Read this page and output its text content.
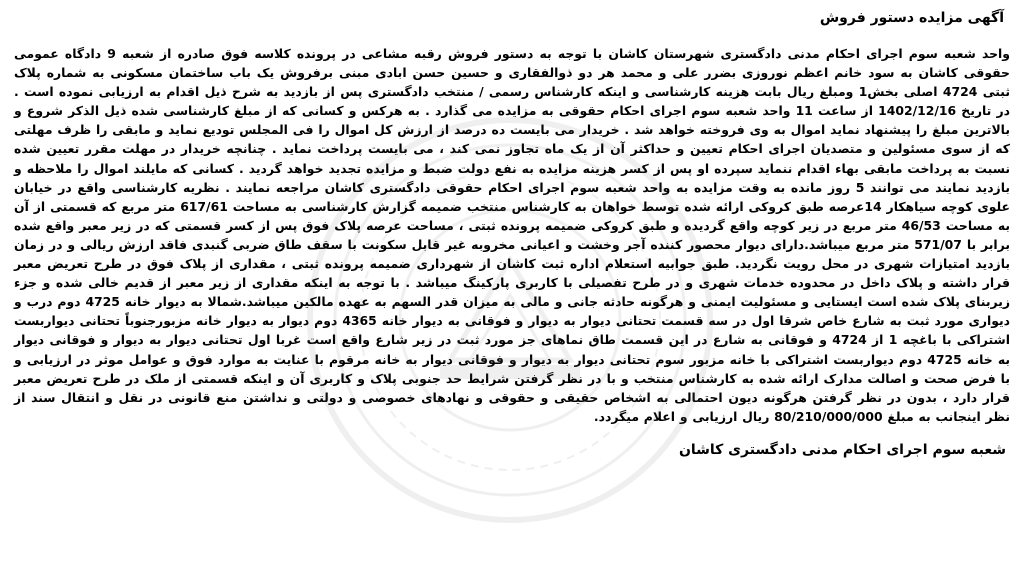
آگهی مزایده دستور فروش

واحد شعبه سوم اجرای احکام مدنی دادگستری شهرستان کاشان با توجه به دستور فروش رقبه مشاعی در پرونده کلاسه فوق صادره از شعبه 9 دادگاه عمومی حقوقی کاشان به سود خانم اعظم نوروزی بضرر علی و محمد هر دو ذوالفقاری و حسین حسن ابادی مبنی برفروش یک باب ساختمان مسکونی به شماره پلاک ثبتی 4724 اصلی بخش1 ومبلغ ریال بابت هزینه کارشناسی و اینکه کارشناس رسمی / منتخب دادگستری پس از بازدید به شرح ذیل اقدام به ارزیابی نموده است . در تاریخ 1402/12/16 از ساعت 11 واحد شعبه سوم اجرای احکام حقوقی به مزایده می گذارد . به هرکس و کسانی که از مبلغ کارشناسی شده ذیل الذکر شروع و بالاترین مبلغ را پیشنهاد نماید اموال به وی فروخته خواهد شد . خریدار می بایست ده درصد از ارزش کل اموال را فی المجلس تودیع نماید و مابقی را ظرف مهلتی که از سوی مسئولین و متصدیان اجرای احکام تعیین و حداکثر آن از یک ماه تجاوز نمی کند ، می بایست پرداخت نماید . چنانچه خریدار در مهلت مقرر تعیین شده نسبت به پرداخت مابقی بهاء اقدام ننماید سپرده او پس از کسر هزینه مزایده به نفع دولت ضبط و مزایده تجدید خواهد گردید . کسانی که مایلند اموال را ملاحظه و بازدید نمایند می توانند 5 روز مانده به وقت مزایده به واحد شعبه سوم اجرای احکام حقوقی دادگستری کاشان مراجعه نمایند . نظریه کارشناسی واقع در خیابان علوی کوچه سیاهکار 14عرصه طبق کروکی ارائه شده توسط خواهان به کارشناس منتخب ضمیمه گزارش کارشناسی به مساحت 617/61 متر مربع که قسمتی از آن به مساحت 46/53 متر مربع در زیر کوچه واقع گردیده و طبق کروکی ضمیمه پرونده ثبتی ، مساحت عرصه پلاک فوق پس از کسر قسمتی که در زیر معبر واقع شده برابر با 571/07 متر مربع میباشد.دارای دیوار محصور کننده آجر وخشت و اعیانی مخروبه غیر قابل سکونت با سقف طاق ضربی گنبدی فاقد ارزش ریالی و در زمان بازدید امتیازات شهری در محل رویت نگردید. طبق جوابیه استعلام اداره ثبت کاشان از شهرداری ضمیمه پرونده ثبتی ، مقداری از پلاک فوق در طرح تعریض معبر قرار داشته و پلاک داخل در محدوده خدمات شهری و در طرح تفصیلی با کاربری پارکینگ میباشد . با توجه به اینکه مقداری از زیر معبر از قدیم خالی شده و جزء زیربنای پلاک شده است ایستایی و مسئولیت ایمنی و هرگونه حادثه جانی و مالی به میزان قدر السهم به عهده مالکین میباشد.شمالا به دیوار خانه 4725 دوم درب و دیواری مورد ثبت به شارع خاص شرقا اول در سه قسمت تحتانی دیوار به دیوار و فوقانی به دیوار خانه 4365 دوم دیوار به دیوار خانه مزبورجنوباً تحتانی دیواربست اشتراکی با باغچه 1 از 4724 و فوقانی به شارع در این قسمت طاق نماهای جز مورد ثبت در زیر شارع واقع است غربا اول تحتانی دیوار به دیوار و فوقانی دیوار به خانه 4725 دوم دیواربست اشتراکی با خانه مزبور سوم تحتانی دیوار به دیوار و فوقانی دیوار به خانه مرقوم با عنایت به موارد فوق و عوامل موثر در ارزیابی و با فرض صحت و اصالت مدارک ارائه شده به کارشناس منتخب و با در نظر گرفتن شرایط حد جنوبی پلاک و کاربری آن و اینکه قسمتی از ملک در طرح تعریض معبر قرار دارد ، بدون در نظر گرفتن هرگونه دیون احتمالی به اشخاص حقیقی و حقوقی و نهادهای خصوصی و دولتی و نداشتن منع قانونی در نقل و انتقال سند از نظر اینجانب به مبلغ 80/210/000/000 ریال ارزیابی و اعلام میگردد.

شعبه سوم اجرای احکام مدنی دادگستری کاشان
